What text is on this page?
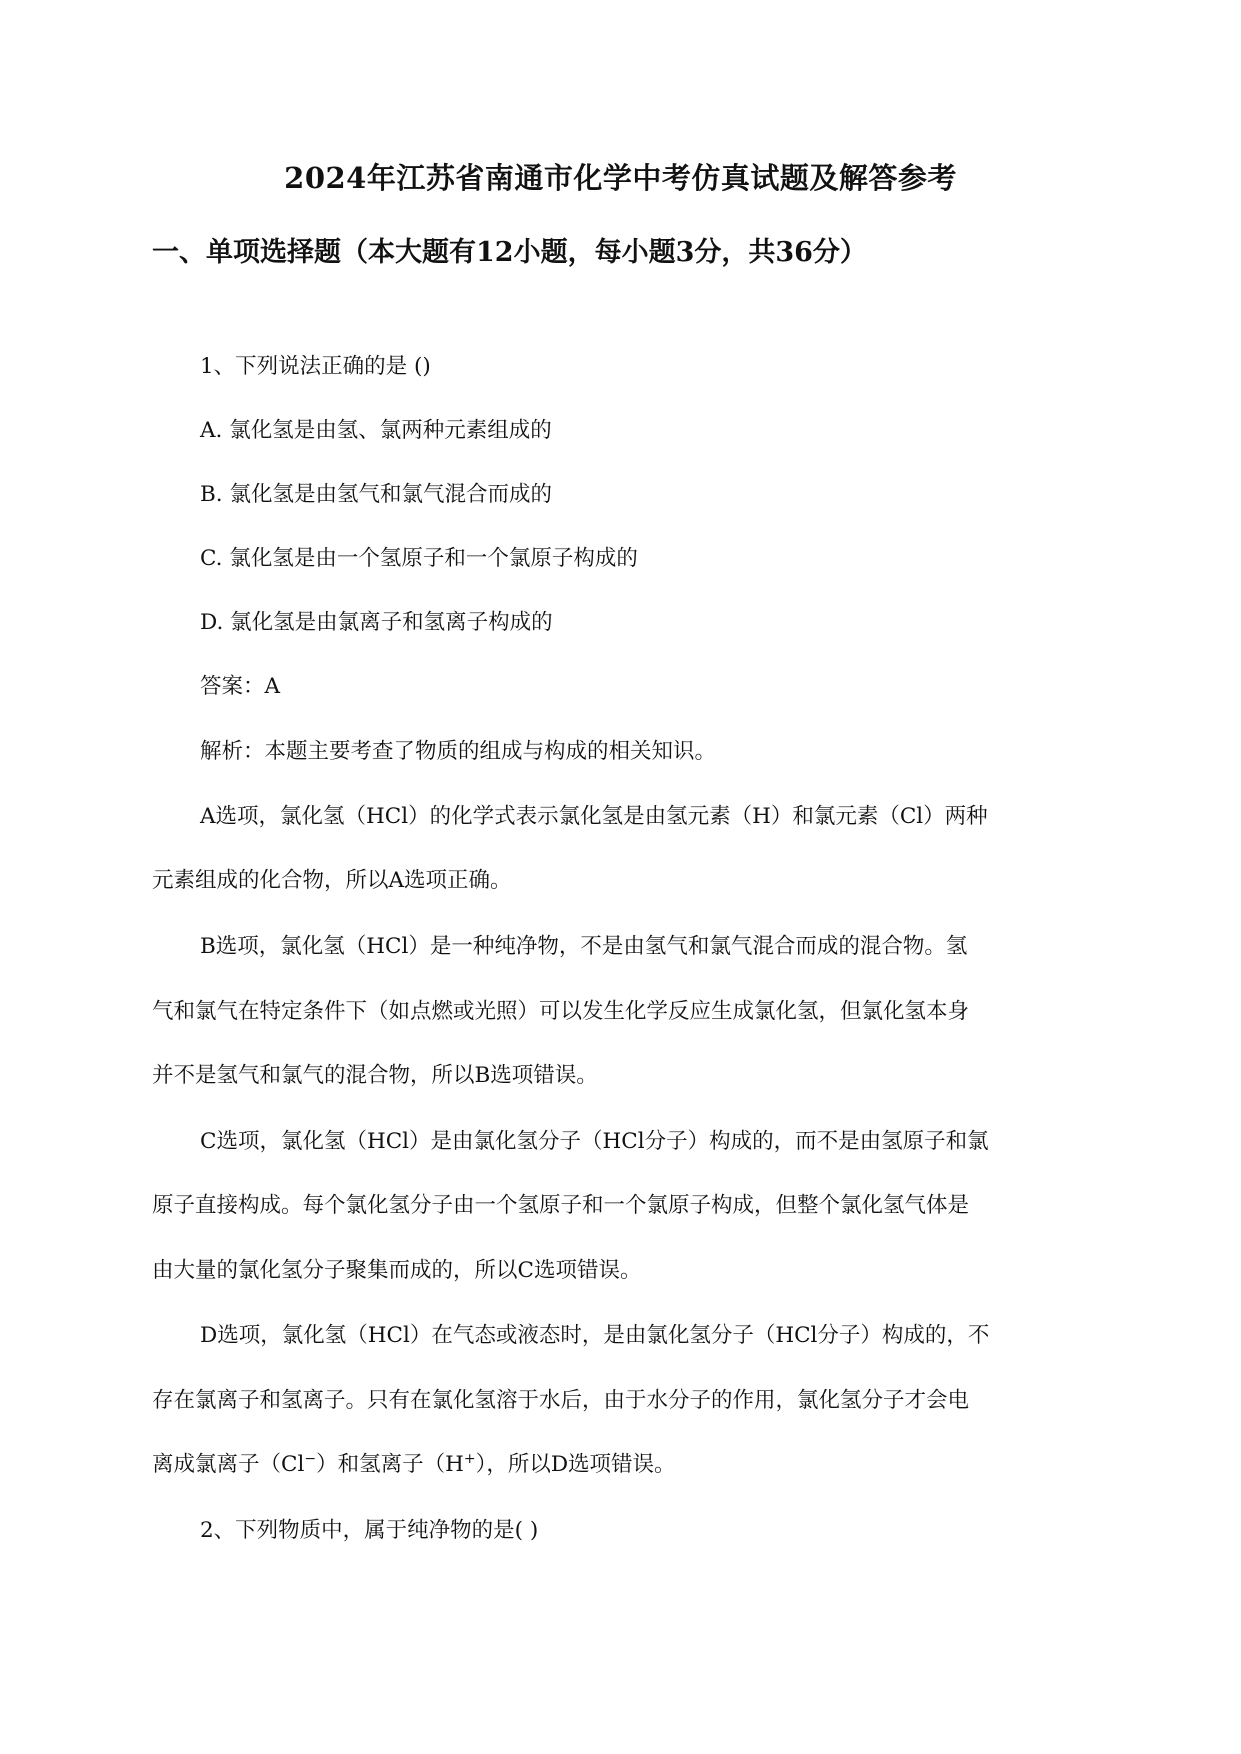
2024年江苏省南通市化学中考仿真试题及解答参考
一、单项选择题（本大题有12小题，每小题3分，共36分）
1、下列说法正确的是 ()
A. 氯化氢是由氢、氯两种元素组成的
B. 氯化氢是由氢气和氯气混合而成的
C. 氯化氢是由一个氢原子和一个氯原子构成的
D. 氯化氢是由氯离子和氢离子构成的
答案：A
解析：本题主要考查了物质的组成与构成的相关知识。
A选项，氯化氢（HCl）的化学式表示氯化氢是由氢元素（H）和氯元素（Cl）两种
元素组成的化合物，所以A选项正确。
B选项，氯化氢（HCl）是一种纯净物，不是由氢气和氯气混合而成的混合物。氢
气和氯气在特定条件下（如点燃或光照）可以发生化学反应生成氯化氢，但氯化氢本身
并不是氢气和氯气的混合物，所以B选项错误。
C选项，氯化氢（HCl）是由氯化氢分子（HCl分子）构成的，而不是由氢原子和氯
原子直接构成。每个氯化氢分子由一个氢原子和一个氯原子构成，但整个氯化氢气体是
由大量的氯化氢分子聚集而成的，所以C选项错误。
D选项，氯化氢（HCl）在气态或液态时，是由氯化氢分子（HCl分子）构成的，不
存在氯离子和氢离子。只有在氯化氢溶于水后，由于水分子的作用，氯化氢分子才会电
离成氯离子（Cl−）和氢离子（H+），所以D选项错误。
2、下列物质中，属于纯净物的是( )
